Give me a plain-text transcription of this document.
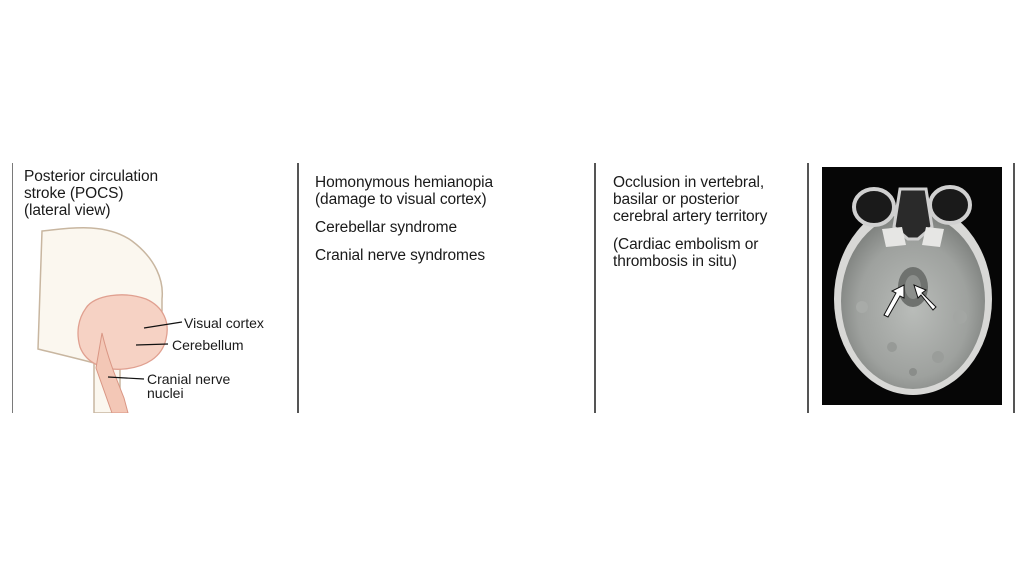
Posterior circulation
stroke (POCS)
(lateral view)
Visual cortex
Cerebellum
Cranial nerve
nuclei
Homonymous hemianopia
(damage to visual cortex)
Cerebellar syndrome
Cranial nerve syndromes
Occlusion in vertebral,
basilar or posterior
cerebral artery territory
(Cardiac embolism or
thrombosis in situ)
